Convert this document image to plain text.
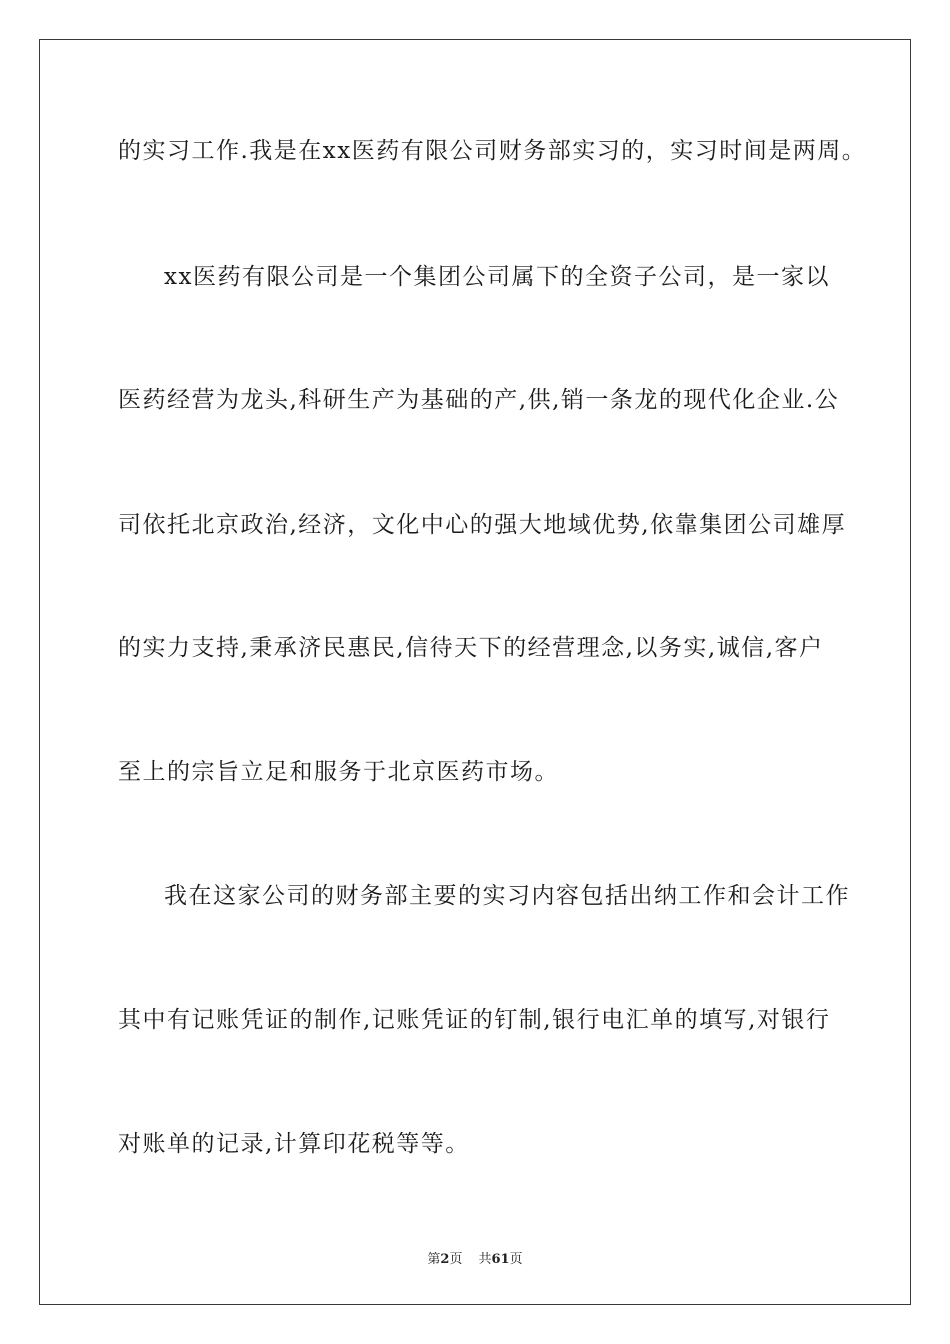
的实习工作.我是在xx医药有限公司财务部实习的，实习时间是两周。
xx医药有限公司是一个集团公司属下的全资子公司，是一家以
医药经营为龙头,科研生产为基础的产,供,销一条龙的现代化企业.公
司依托北京政治,经济，文化中心的强大地域优势,依靠集团公司雄厚
的实力支持,秉承济民惠民,信待天下的经营理念,以务实,诚信,客户
至上的宗旨立足和服务于北京医药市场。
我在这家公司的财务部主要的实习内容包括出纳工作和会计工作
其中有记账凭证的制作,记账凭证的钉制,银行电汇单的填写,对银行
对账单的记录,计算印花税等等。
第2页 共61页
